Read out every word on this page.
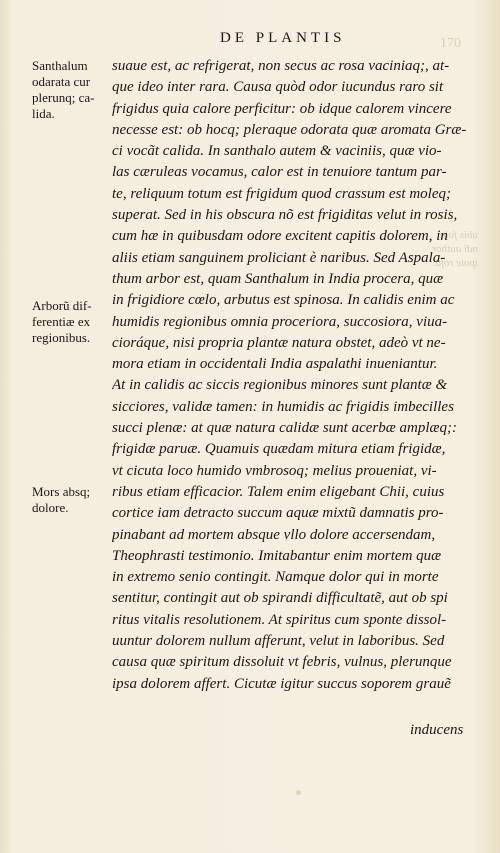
170
ubis fola
ndi author
ipote rofa.
DE PLANTIS
Santhalum
odarata cur
plerunq; ca-
lida.
Arborũ dif-
ferentiæ ex
regionibus.
Mors absq;
dolore.
suaue est, ac refrigerat, non secus ac rosa vaciniaq;, at-
que ideo inter rara. Causa quòd odor iucundus raro sit
frigidus quia calore perficitur: ob idque calorem vincere
necesse est: ob hocq; pleraque odorata quæ aromata Græ-
ci vocãt calida. In santhalo autem & vaciniis, quæ vio-
las cæruleas vocamus, calor est in tenuiore tantum par-
te, reliquum totum est frigidum quod crassum est moleq;
superat. Sed in his obscura nõ est frigiditas velut in rosis,
cum hæ in quibusdam odore excitent capitis dolorem, in
aliis etiam sanguinem proliciant è naribus. Sed Aspala-
thum arbor est, quam Santhalum in India procera, quæ
in frigidiore cœlo, arbutus est spinosa. In calidis enim ac
humidis regionibus omnia proceriora, succosiora, viua-
cioráque, nisi propria plantæ natura obstet, adeò vt ne-
mora etiam in occidentali India aspalathi inueniantur.
At in calidis ac siccis regionibus minores sunt plantæ &
sicciores, validæ tamen: in humidis ac frigidis imbecilles
succi plenæ: at quæ natura calidæ sunt acerbæ amplæq;:
frigidæ paruæ. Quamuis quædam mitura etiam frigidæ,
vt cicuta loco humido vmbrosoq; melius proueniat, vi-
ribus etiam efficacior. Talem enim eligebant Chii, cuius
cortice iam detracto succum aquæ mixtũ damnatis pro-
pinabant ad mortem absque vllo dolore accersendam,
Theophrasti testimonio. Imitabantur enim mortem quæ
in extremo senio contingit. Namque dolor qui in morte
sentitur, contingit aut ob spirandi difficultatẽ, aut ob spi
ritus vitalis resolutionem. At spiritus cum sponte dissol-
uuntur dolorem nullum afferunt, velut in laboribus. Sed
causa quæ spiritum dissoluit vt febris, vulnus, plerunque
ipsa dolorem affert. Cicutæ igitur succus soporem grauẽ
inducens
